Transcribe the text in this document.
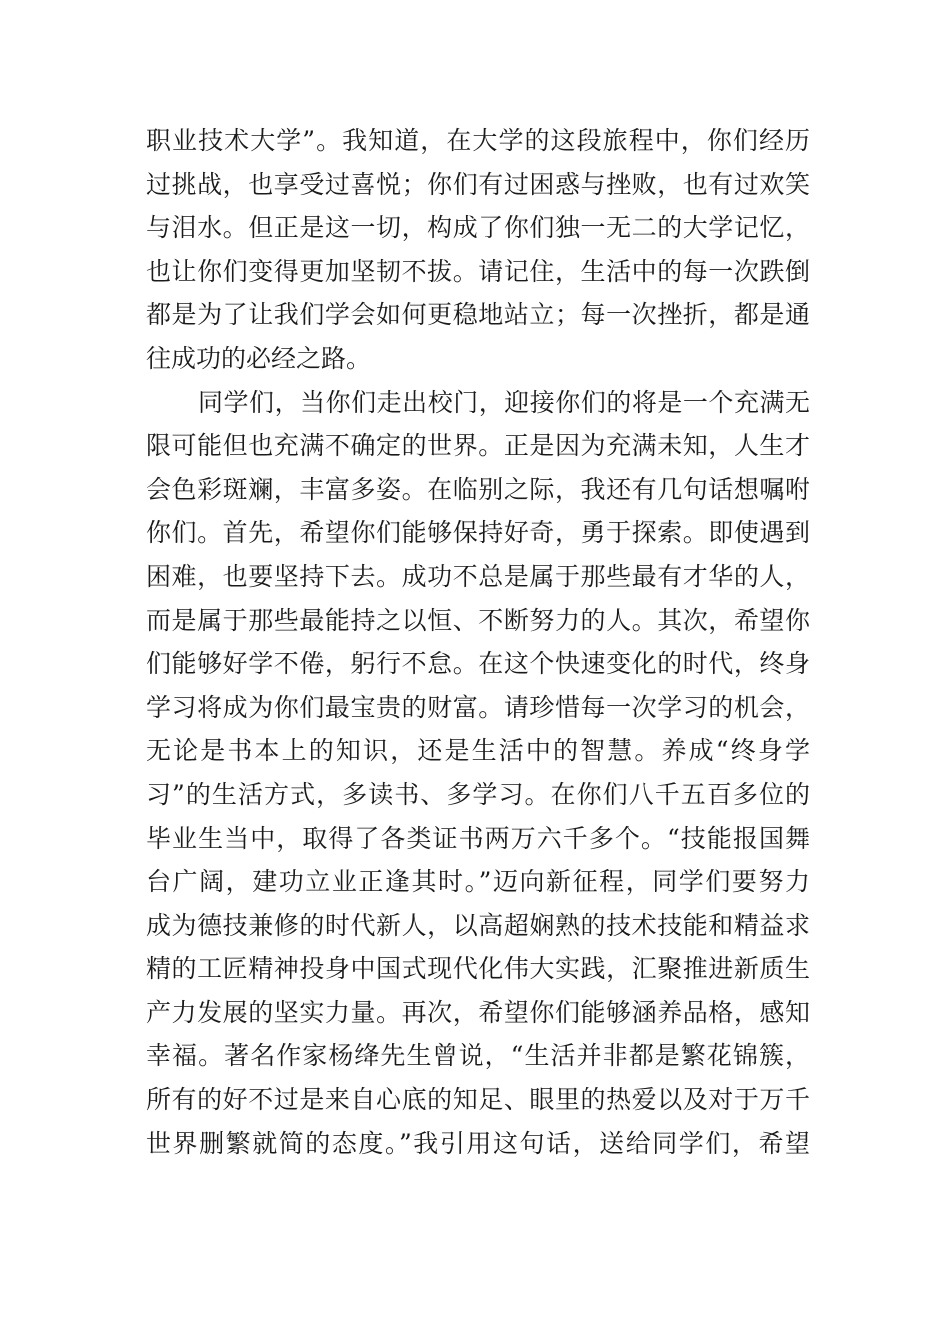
职业技术大学”。我知道，在大学的这段旅程中，你们经历
过挑战，也享受过喜悦；你们有过困惑与挫败，也有过欢笑
与泪水。但正是这一切，构成了你们独一无二的大学记忆，
也让你们变得更加坚韧不拔。请记住，生活中的每一次跌倒
都是为了让我们学会如何更稳地站立；每一次挫折，都是通
往成功的必经之路。
同学们，当你们走出校门，迎接你们的将是一个充满无
限可能但也充满不确定的世界。正是因为充满未知，人生才
会色彩斑斓，丰富多姿。在临别之际，我还有几句话想嘱咐
你们。首先，希望你们能够保持好奇，勇于探索。即使遇到
困难，也要坚持下去。成功不总是属于那些最有才华的人，
而是属于那些最能持之以恒、不断努力的人。其次，希望你
们能够好学不倦，躬行不怠。在这个快速变化的时代，终身
学习将成为你们最宝贵的财富。请珍惜每一次学习的机会，
无论是书本上的知识，还是生活中的智慧。养成“终身学
习”的生活方式，多读书、多学习。在你们八千五百多位的
毕业生当中，取得了各类证书两万六千多个。“技能报国舞
台广阔，建功立业正逢其时。”迈向新征程，同学们要努力
成为德技兼修的时代新人，以高超娴熟的技术技能和精益求
精的工匠精神投身中国式现代化伟大实践，汇聚推进新质生
产力发展的坚实力量。再次，希望你们能够涵养品格，感知
幸福。著名作家杨绛先生曾说，“生活并非都是繁花锦簇，
所有的好不过是来自心底的知足、眼里的热爱以及对于万千
世界删繁就简的态度。”我引用这句话，送给同学们，希望
